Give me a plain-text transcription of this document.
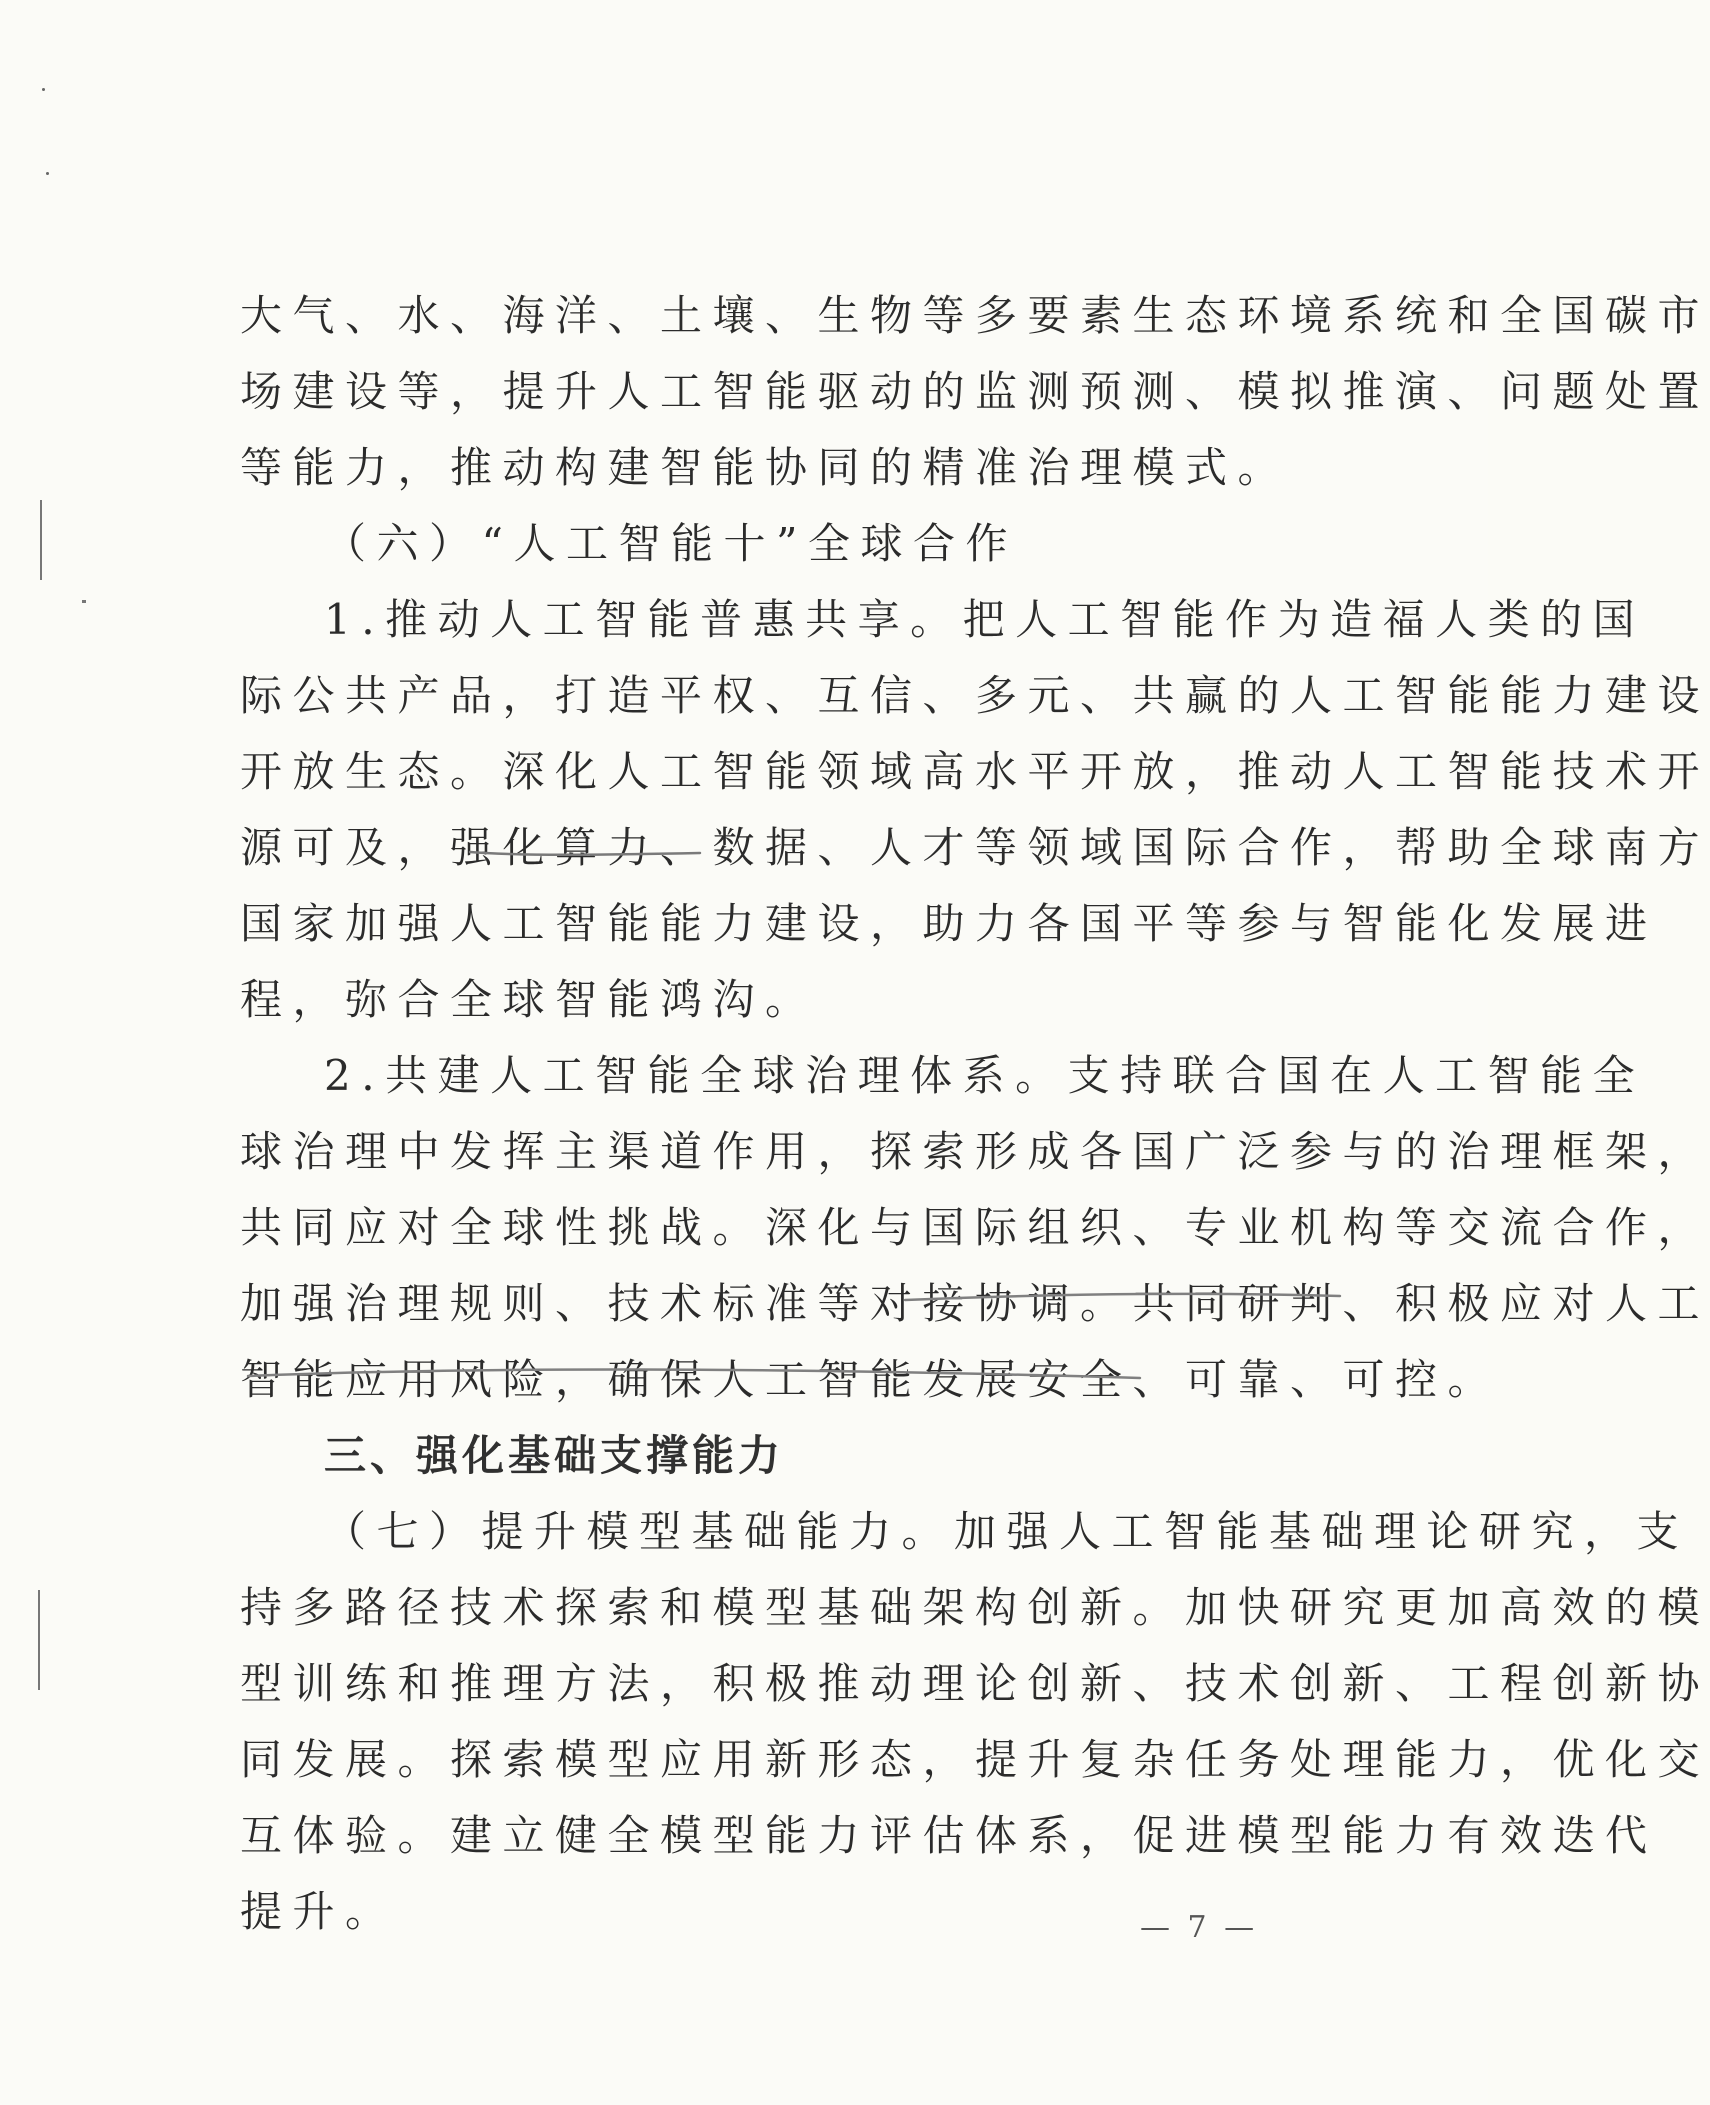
大气、水、海洋、土壤、生物等多要素生态环境系统和全国碳市
场建设等，提升人工智能驱动的监测预测、模拟推演、问题处置
等能力，推动构建智能协同的精准治理模式。
（六）“人工智能十”全球合作
1.推动人工智能普惠共享。把人工智能作为造福人类的国
际公共产品，打造平权、互信、多元、共赢的人工智能能力建设
开放生态。深化人工智能领域高水平开放，推动人工智能技术开
源可及，强化算力、数据、人才等领域国际合作，帮助全球南方
国家加强人工智能能力建设，助力各国平等参与智能化发展进
程，弥合全球智能鸿沟。
2.共建人工智能全球治理体系。支持联合国在人工智能全
球治理中发挥主渠道作用，探索形成各国广泛参与的治理框架，
共同应对全球性挑战。深化与国际组织、专业机构等交流合作，
加强治理规则、技术标准等对接协调。共同研判、积极应对人工
智能应用风险，确保人工智能发展安全、可靠、可控。
三、强化基础支撑能力
（七）提升模型基础能力。加强人工智能基础理论研究，支
持多路径技术探索和模型基础架构创新。加快研究更加高效的模
型训练和推理方法，积极推动理论创新、技术创新、工程创新协
同发展。探索模型应用新形态，提升复杂任务处理能力，优化交
互体验。建立健全模型能力评估体系，促进模型能力有效迭代
提升。	— 7 —
